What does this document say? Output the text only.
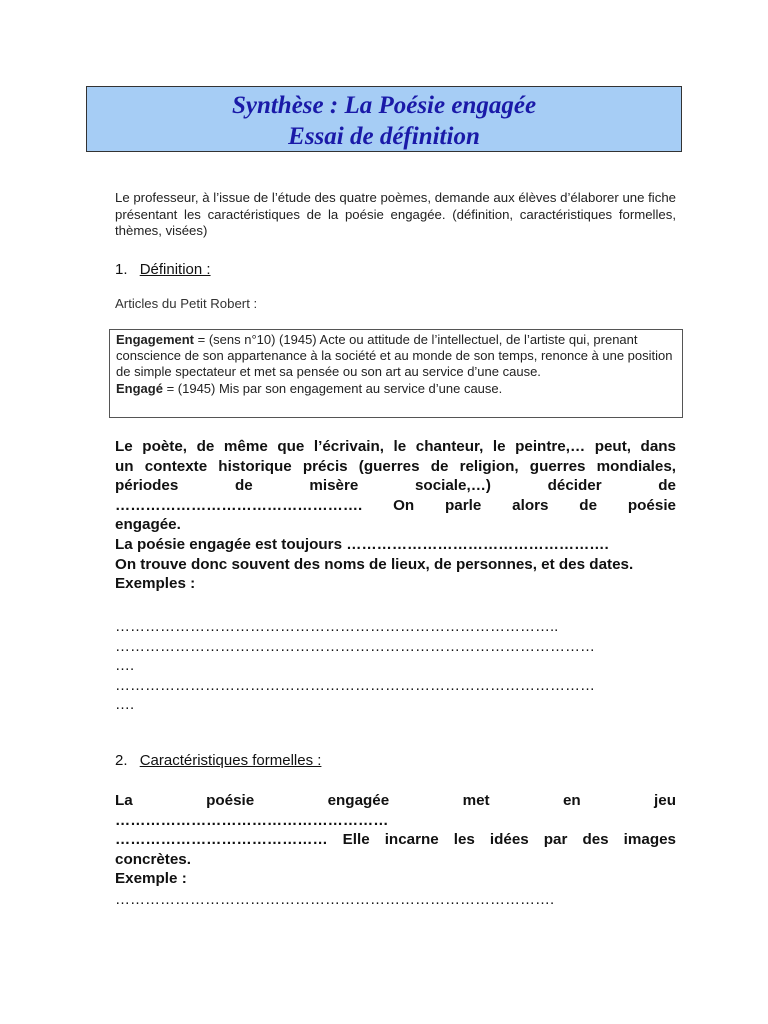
Synthèse : La Poésie engagée
Essai de définition
Le professeur, à l’issue de l’étude des quatre poèmes, demande aux élèves d’élaborer une fiche présentant les caractéristiques de la poésie engagée. (définition, caractéristiques formelles, thèmes, visées)
1. Définition :
Articles du Petit Robert :

Engagement = (sens n°10) (1945) Acte ou attitude de l’intellectuel, de l’artiste qui, prenant conscience de son appartenance à la société et au monde de son temps, renonce à une position de simple spectateur et met sa pensée ou son art au service d’une cause.

Engagé = (1945) Mis par son engagement au service d’une cause.

Le poète, de même que l’écrivain, le chanteur, le peintre,… peut, dans

un contexte historique précis (guerres de religion, guerres mondiales,

périodes de misère sociale,…) décider de

…………………………………………. On parle alors de poésie

engagée.

La poésie engagée est toujours …………………………………………….

On trouve donc souvent des noms de lieux, de personnes, et des dates.

Exemples :

……………………………………………………………………………..
……………………………………………………………………………………
….
……………………………………………………………………………………
….
2. Caractéristiques formelles :

La poésie engagée met en jeu

………………………………………………

…………………………………… Elle incarne les idées par des images

concrètes.

Exemple :

…………………………………………………………………………….
